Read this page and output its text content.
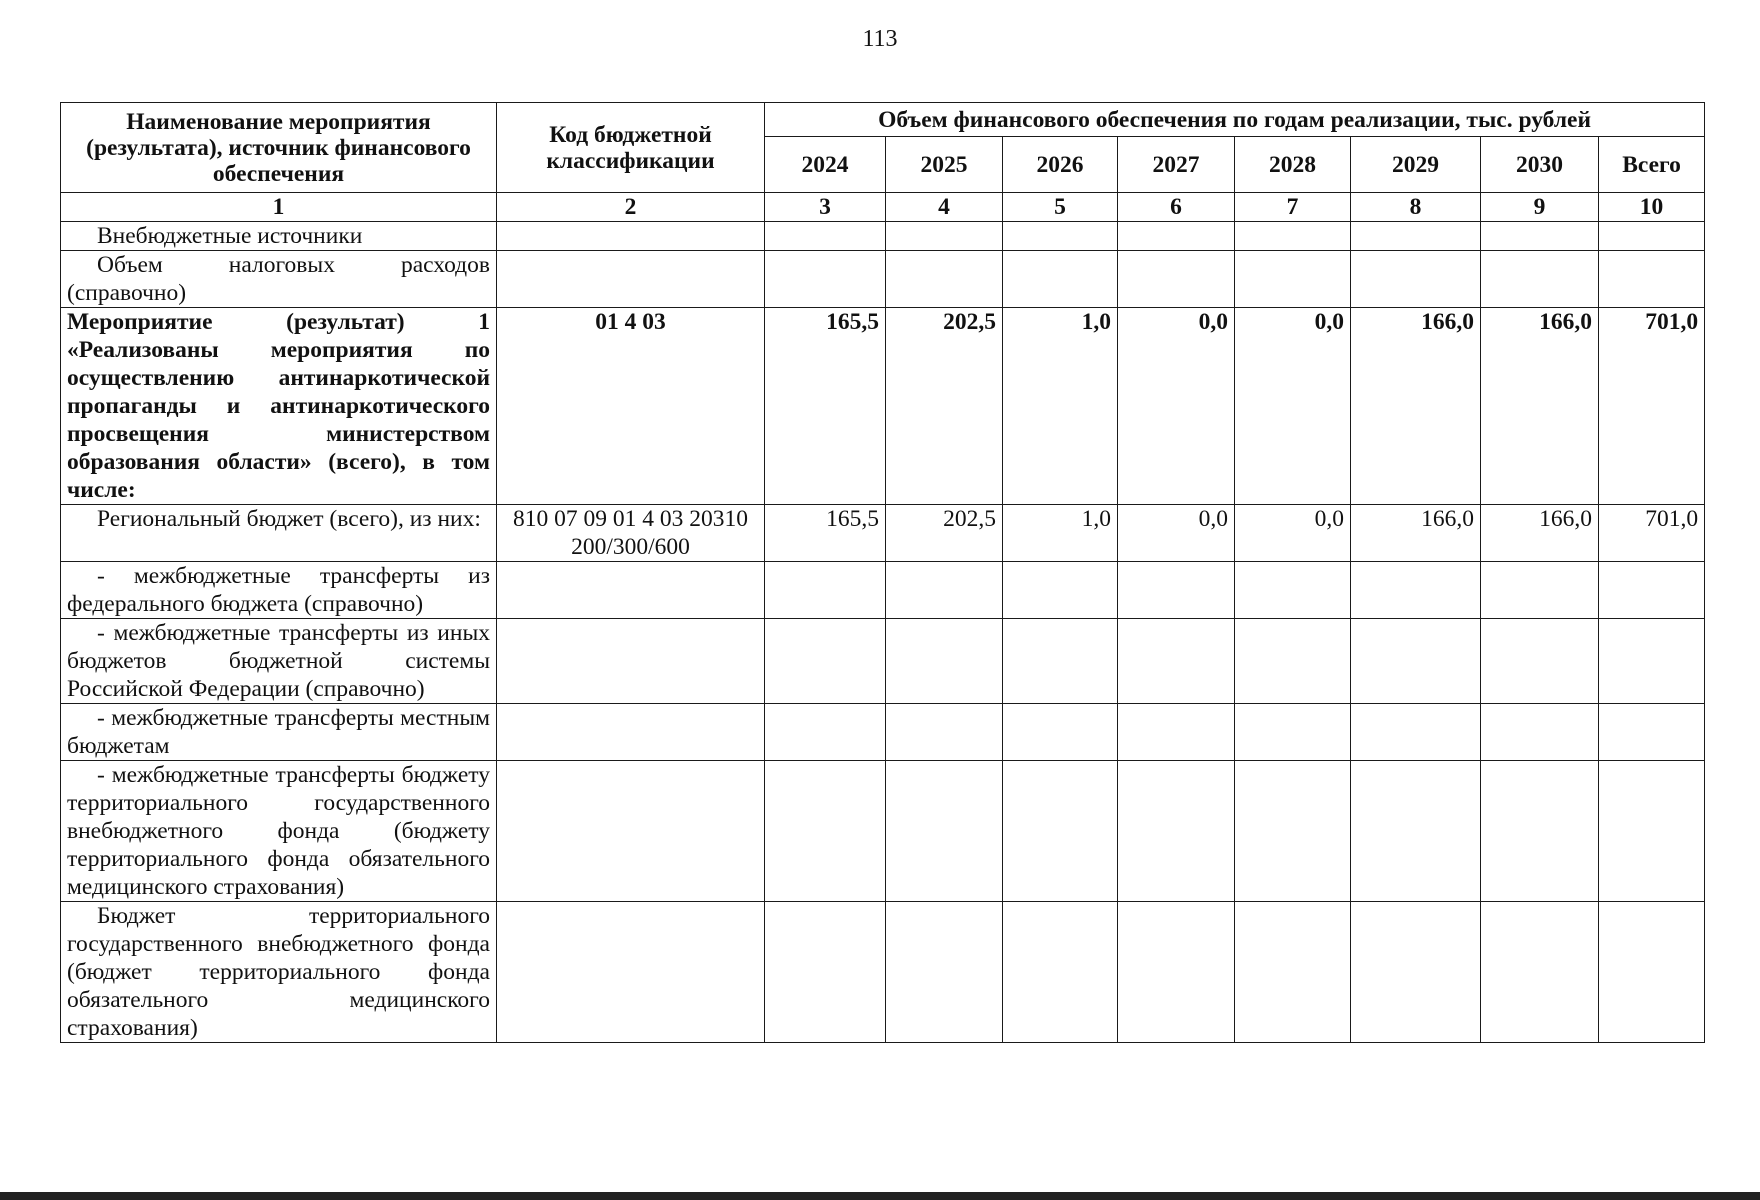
113
Наименование мероприятия (результата), источник финансового обеспечения	Код бюджетной классификации	Объем финансового обеспечения по годам реализации, тыс. рублей							
		2024	2025	2026	2027	2028	2029	2030	Всего
1	2	3	4	5	6	7	8	9	10
Внебюджетные источники									
Объем налоговых расходов (справочно)									
Мероприятие (результат) 1 «Реализованы мероприятия по осуществлению антинаркотической пропаганды и антинаркотического просвещения министерством образования области» (всего), в том числе:	01 4 03	165,5	202,5	1,0	0,0	0,0	166,0	166,0	701,0
Региональный бюджет (всего), из них:	810 07 09 01 4 03 20310 200/300/600	165,5	202,5	1,0	0,0	0,0	166,0	166,0	701,0
- межбюджетные трансферты из федерального бюджета (справочно)									
- межбюджетные трансферты из иных бюджетов бюджетной системы Российской Федерации (справочно)									
- межбюджетные трансферты местным бюджетам									
- межбюджетные трансферты бюджету территориального государственного внебюджетного фонда (бюджету территориального фонда обязательного медицинского страхования)									
Бюджет территориального государственного внебюджетного фонда (бюджет территориального фонда обязательного медицинского страхования)									
